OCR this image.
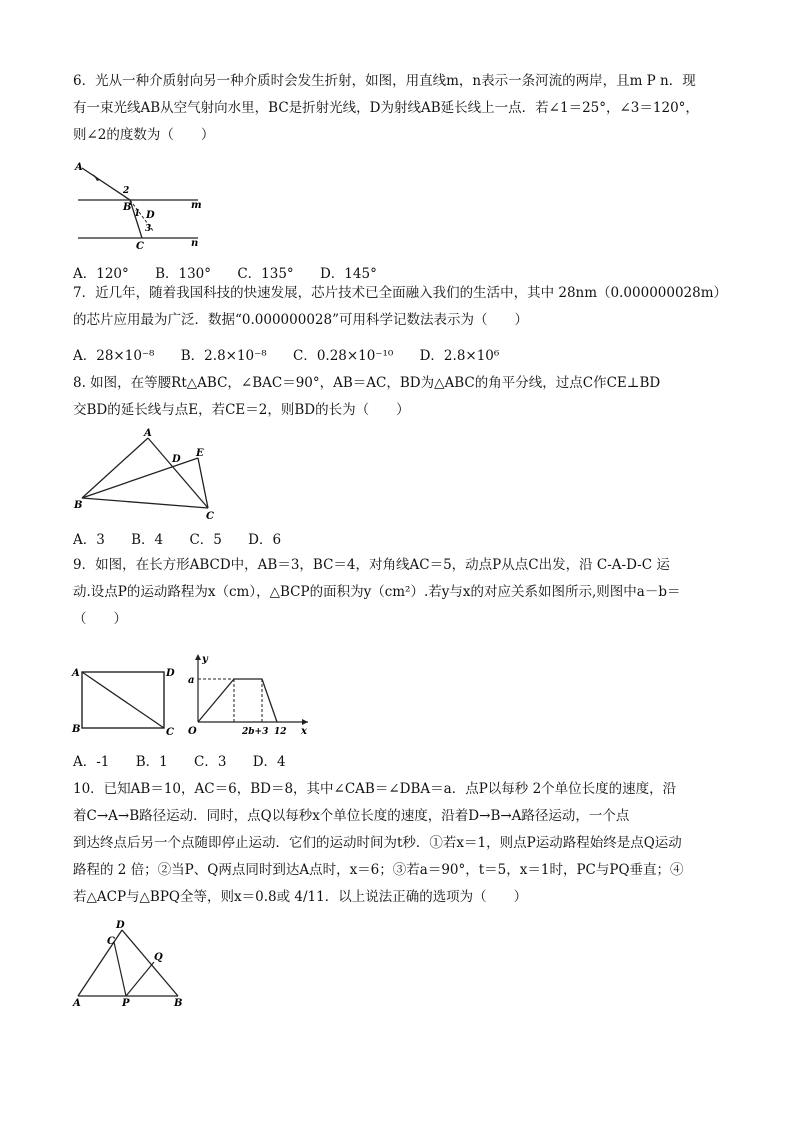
6．光从一种介质射向另一种介质时会发生折射，如图，用直线m，n表示一条河流的两岸，且m P n．现
有一束光线AB从空气射向水里，BC是折射光线，D为射线AB延长线上一点．若∠1＝25°，∠3＝120°，
则∠2的度数为（　　）
A
B
C
D
1
2
3
m
n
A．120° B．130° C．135° D．145°
7．近几年，随着我国科技的快速发展，芯片技术已全面融入我们的生活中，其中 28nm（0.000000028m）
的芯片应用最为广泛．数据“0.000000028”可用科学记数法表示为（　　）
A．28×10⁻⁸ B．2.8×10⁻⁸ C．0.28×10⁻¹⁰ D．2.8×10⁶
8. 如图，在等腰Rt△ABC，∠BAC＝90°，AB＝AC，BD为△ABC的角平分线，过点C作CE⊥BD
交BD的延长线与点E，若CE＝2，则BD的长为（　　）
A
B
C
D
E
A．3 B．4 C．5 D．6
9．如图，在长方形ABCD中，AB＝3，BC＝4，对角线AC＝5，动点P从点C出发，沿 C-A-D-C 运
动.设点P的运动路程为x（cm），△BCP的面积为y（cm²）.若y与x的对应关系如图所示,则图中a－b＝
（　　）
A
B	C
D
y
a
O	x
2b+3 12
A．-1 B．1 C．3 D．4
10．已知AB＝10，AC＝6，BD＝8，其中∠CAB＝∠DBA＝a．点P以每秒 2个单位长度的速度，沿
着C→A→B路径运动．同时，点Q以每秒x个单位长度的速度，沿着D→B→A路径运动，一个点
到达终点后另一个点随即停止运动．它们的运动时间为t秒．①若x＝1，则点P运动路程始终是点Q运动
路程的 2 倍；②当P、Q两点同时到达A点时，x＝6；③若a＝90°，t＝5，x＝1时，PC与PQ垂直；④
若△ACP与△BPQ全等，则x＝0.8或 4/11．以上说法正确的选项为（　　）
D
C
Q
A	P	B
